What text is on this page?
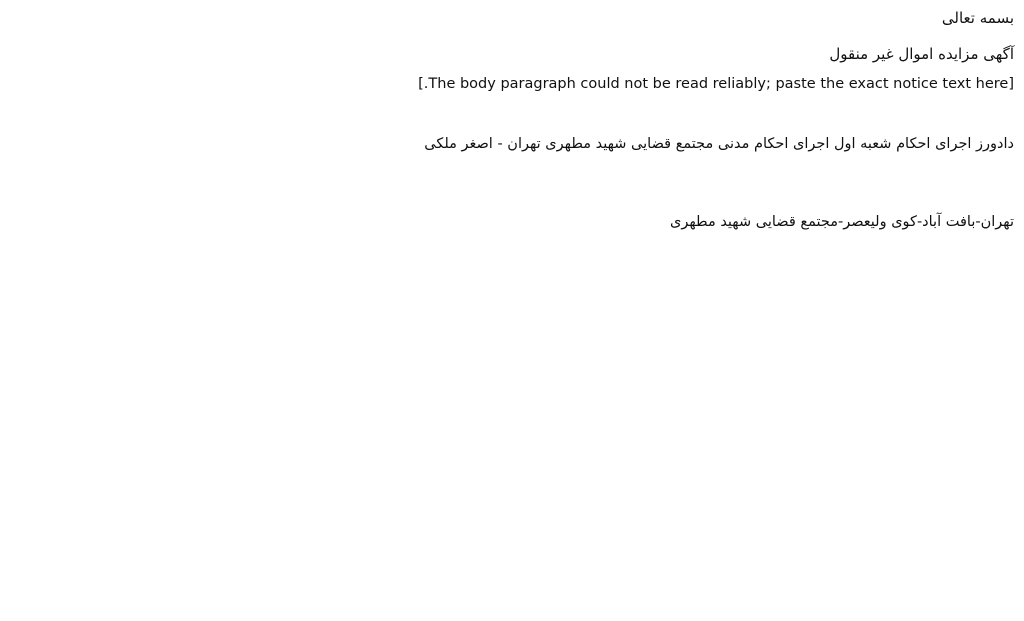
بسمه تعالی
آگهی مزایده اموال غیر منقول
[The body paragraph could not be read reliably; paste the exact notice text here.]
دادورز اجرای احکام شعبه اول اجرای احکام مدنی مجتمع قضایی شهید مطهری تهران - اصغر ملکی
تهران-بافت آباد-کوی ولیعصر-مجتمع قضایی شهید مطهری
